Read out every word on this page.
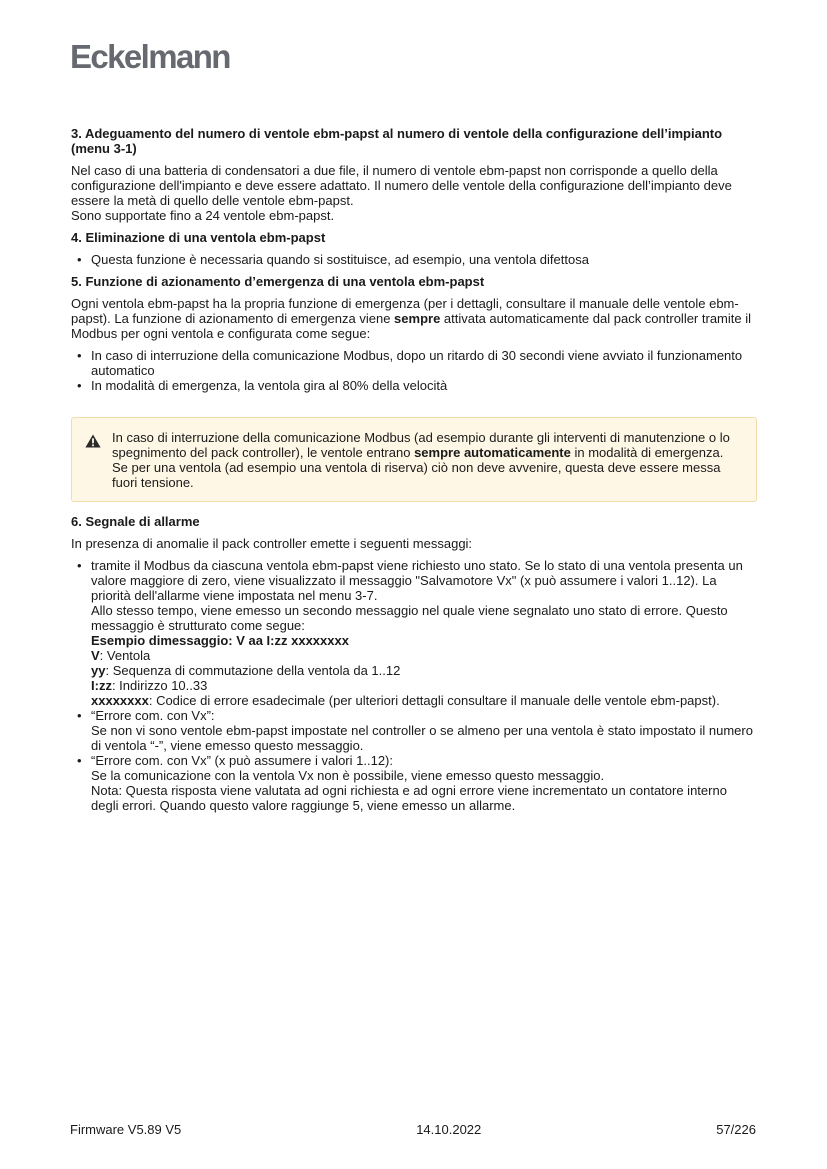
Eckelmann
3. Adeguamento del numero di ventole ebm-papst al numero di ventole della configurazione dell’impianto (menu 3-1)

Nel caso di una batteria di condensatori a due file, il numero di ventole ebm-papst non corrisponde a quello della configurazione dell'impianto e deve essere adattato. Il numero delle ventole della configurazione dell’impianto deve essere la metà di quello delle ventole ebm-papst.

Sono supportate fino a 24 ventole ebm-papst.

4. Eliminazione di una ventola ebm-papst
• Questa funzione è necessaria quando si sostituisce, ad esempio, una ventola difettosa
5. Funzione di azionamento d’emergenza di una ventola ebm-papst

Ogni ventola ebm-papst ha la propria funzione di emergenza (per i dettagli, consultare il manuale delle ventole ebm-papst). La funzione di azionamento di emergenza viene sempre attivata automaticamente dal pack controller tramite il Modbus per ogni ventola e configurata come segue:

• In caso di interruzione della comunicazione Modbus, dopo un ritardo di 30 secondi viene avviato il funzionamento automatico
• In modalità di emergenza, la ventola gira al 80% della velocità
In caso di interruzione della comunicazione Modbus (ad esempio durante gli interventi di manutenzione o lo spegnimento del pack controller), le ventole entrano sempre automaticamente in modalità di emergenza. Se per una ventola (ad esempio una ventola di riserva) ciò non deve avvenire, questa deve essere messa fuori tensione.
6. Segnale di allarme

In presenza di anomalie il pack controller emette i seguenti messaggi:

• tramite il Modbus da ciascuna ventola ebm-papst viene richiesto uno stato. Se lo stato di una ventola presenta un valore maggiore di zero, viene visualizzato il messaggio "Salvamotore Vx" (x può assumere i valori 1..12). La priorità dell'allarme viene impostata nel menu 3-7.
Allo stesso tempo, viene emesso un secondo messaggio nel quale viene segnalato uno stato di errore. Questo messaggio è strutturato come segue:
Esempio dimessaggio: V aa I:zz xxxxxxxx
V: Ventola
yy: Sequenza di commutazione della ventola da 1..12
I:zz: Indirizzo 10..33
xxxxxxxx: Codice di errore esadecimale (per ulteriori dettagli consultare il manuale delle ventole ebm-papst).
• “Errore com. con Vx”:
Se non vi sono ventole ebm-papst impostate nel controller o se almeno per una ventola è stato impostato il numero di ventola “-”, viene emesso questo messaggio.
• “Errore com. con Vx” (x può assumere i valori 1..12):
Se la comunicazione con la ventola Vx non è possibile, viene emesso questo messaggio.
Nota: Questa risposta viene valutata ad ogni richiesta e ad ogni errore viene incrementato un contatore interno degli errori. Quando questo valore raggiunge 5, viene emesso un allarme.
Firmware V5.89 V5	14.10.2022	57/226
